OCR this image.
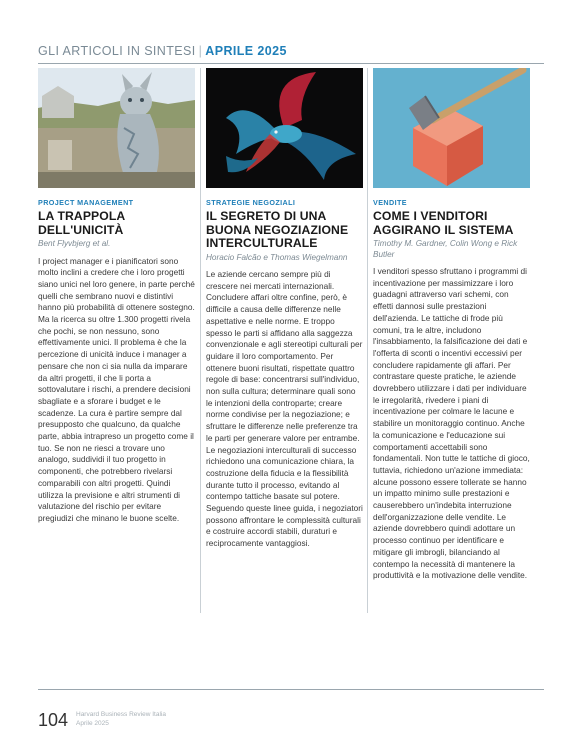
GLI ARTICOLI IN SINTESI | APRILE 2025
PROJECT MANAGEMENT
LA TRAPPOLA DELL'UNICITÀ
Bent Flyvbjerg et al.
I project manager e i pianificatori sono molto inclini a credere che i loro progetti siano unici nel loro genere, in parte perché quelli che sembrano nuovi e distintivi hanno più probabilità di ottenere sostegno. Ma la ricerca su oltre 1.300 progetti rivela che pochi, se non nessuno, sono effettivamente unici. Il problema è che la percezione di unicità induce i manager a pensare che non ci sia nulla da imparare da altri progetti, il che li porta a sottovalutare i rischi, a prendere decisioni sbagliate e a sforare i budget e le scadenze. La cura è partire sempre dal presupposto che qualcuno, da qualche parte, abbia intrapreso un progetto come il tuo. Se non ne riesci a trovare uno analogo, suddividi il tuo progetto in componenti, che potrebbero rivelarsi comparabili con altri progetti. Quindi utilizza la previsione e altri strumenti di valutazione del rischio per evitare pregiudizi che minano le buone scelte.
STRATEGIE NEGOZIALI
IL SEGRETO DI UNA BUONA NEGOZIAZIONE INTERCULTURALE
Horacio Falcão e Thomas Wiegelmann
Le aziende cercano sempre più di crescere nei mercati internazionali. Concludere affari oltre confine, però, è difficile a causa delle differenze nelle aspettative e nelle norme. E troppo spesso le parti si affidano alla saggezza convenzionale e agli stereotipi culturali per guidare il loro comportamento. Per ottenere buoni risultati, rispettate quattro regole di base: concentrarsi sull'individuo, non sulla cultura; determinare quali sono le intenzioni della controparte; creare norme condivise per la negoziazione; e sfruttare le differenze nelle preferenze tra le parti per generare valore per entrambe. Le negoziazioni interculturali di successo richiedono una comunicazione chiara, la costruzione della fiducia e la flessibilità durante tutto il processo, evitando al contempo tattiche basate sul potere. Seguendo queste linee guida, i negoziatori possono affrontare le complessità culturali e costruire accordi stabili, duraturi e reciprocamente vantaggiosi.
VENDITE
COME I VENDITORI AGGIRANO IL SISTEMA
Timothy M. Gardner, Colin Wong e Rick Butler
I venditori spesso sfruttano i programmi di incentivazione per massimizzare i loro guadagni attraverso vari schemi, con effetti dannosi sulle prestazioni dell'azienda. Le tattiche di frode più comuni, tra le altre, includono l'insabbiamento, la falsificazione dei dati e l'offerta di sconti o incentivi eccessivi per concludere rapidamente gli affari. Per contrastare queste pratiche, le aziende dovrebbero utilizzare i dati per individuare le irregolarità, rivedere i piani di incentivazione per colmare le lacune e stabilire un monitoraggio continuo. Anche la comunicazione e l'educazione sui comportamenti accettabili sono fondamentali. Non tutte le tattiche di gioco, tuttavia, richiedono un'azione immediata: alcune possono essere tollerate se hanno un impatto minimo sulle prestazioni e causerebbero un'indebita interruzione dell'organizzazione delle vendite. Le aziende dovrebbero quindi adottare un processo continuo per identificare e mitigare gli imbrogli, bilanciando al contempo la necessità di mantenere la produttività e la motivazione delle vendite.
104 Harvard Business Review Italia
Aprile 2025
